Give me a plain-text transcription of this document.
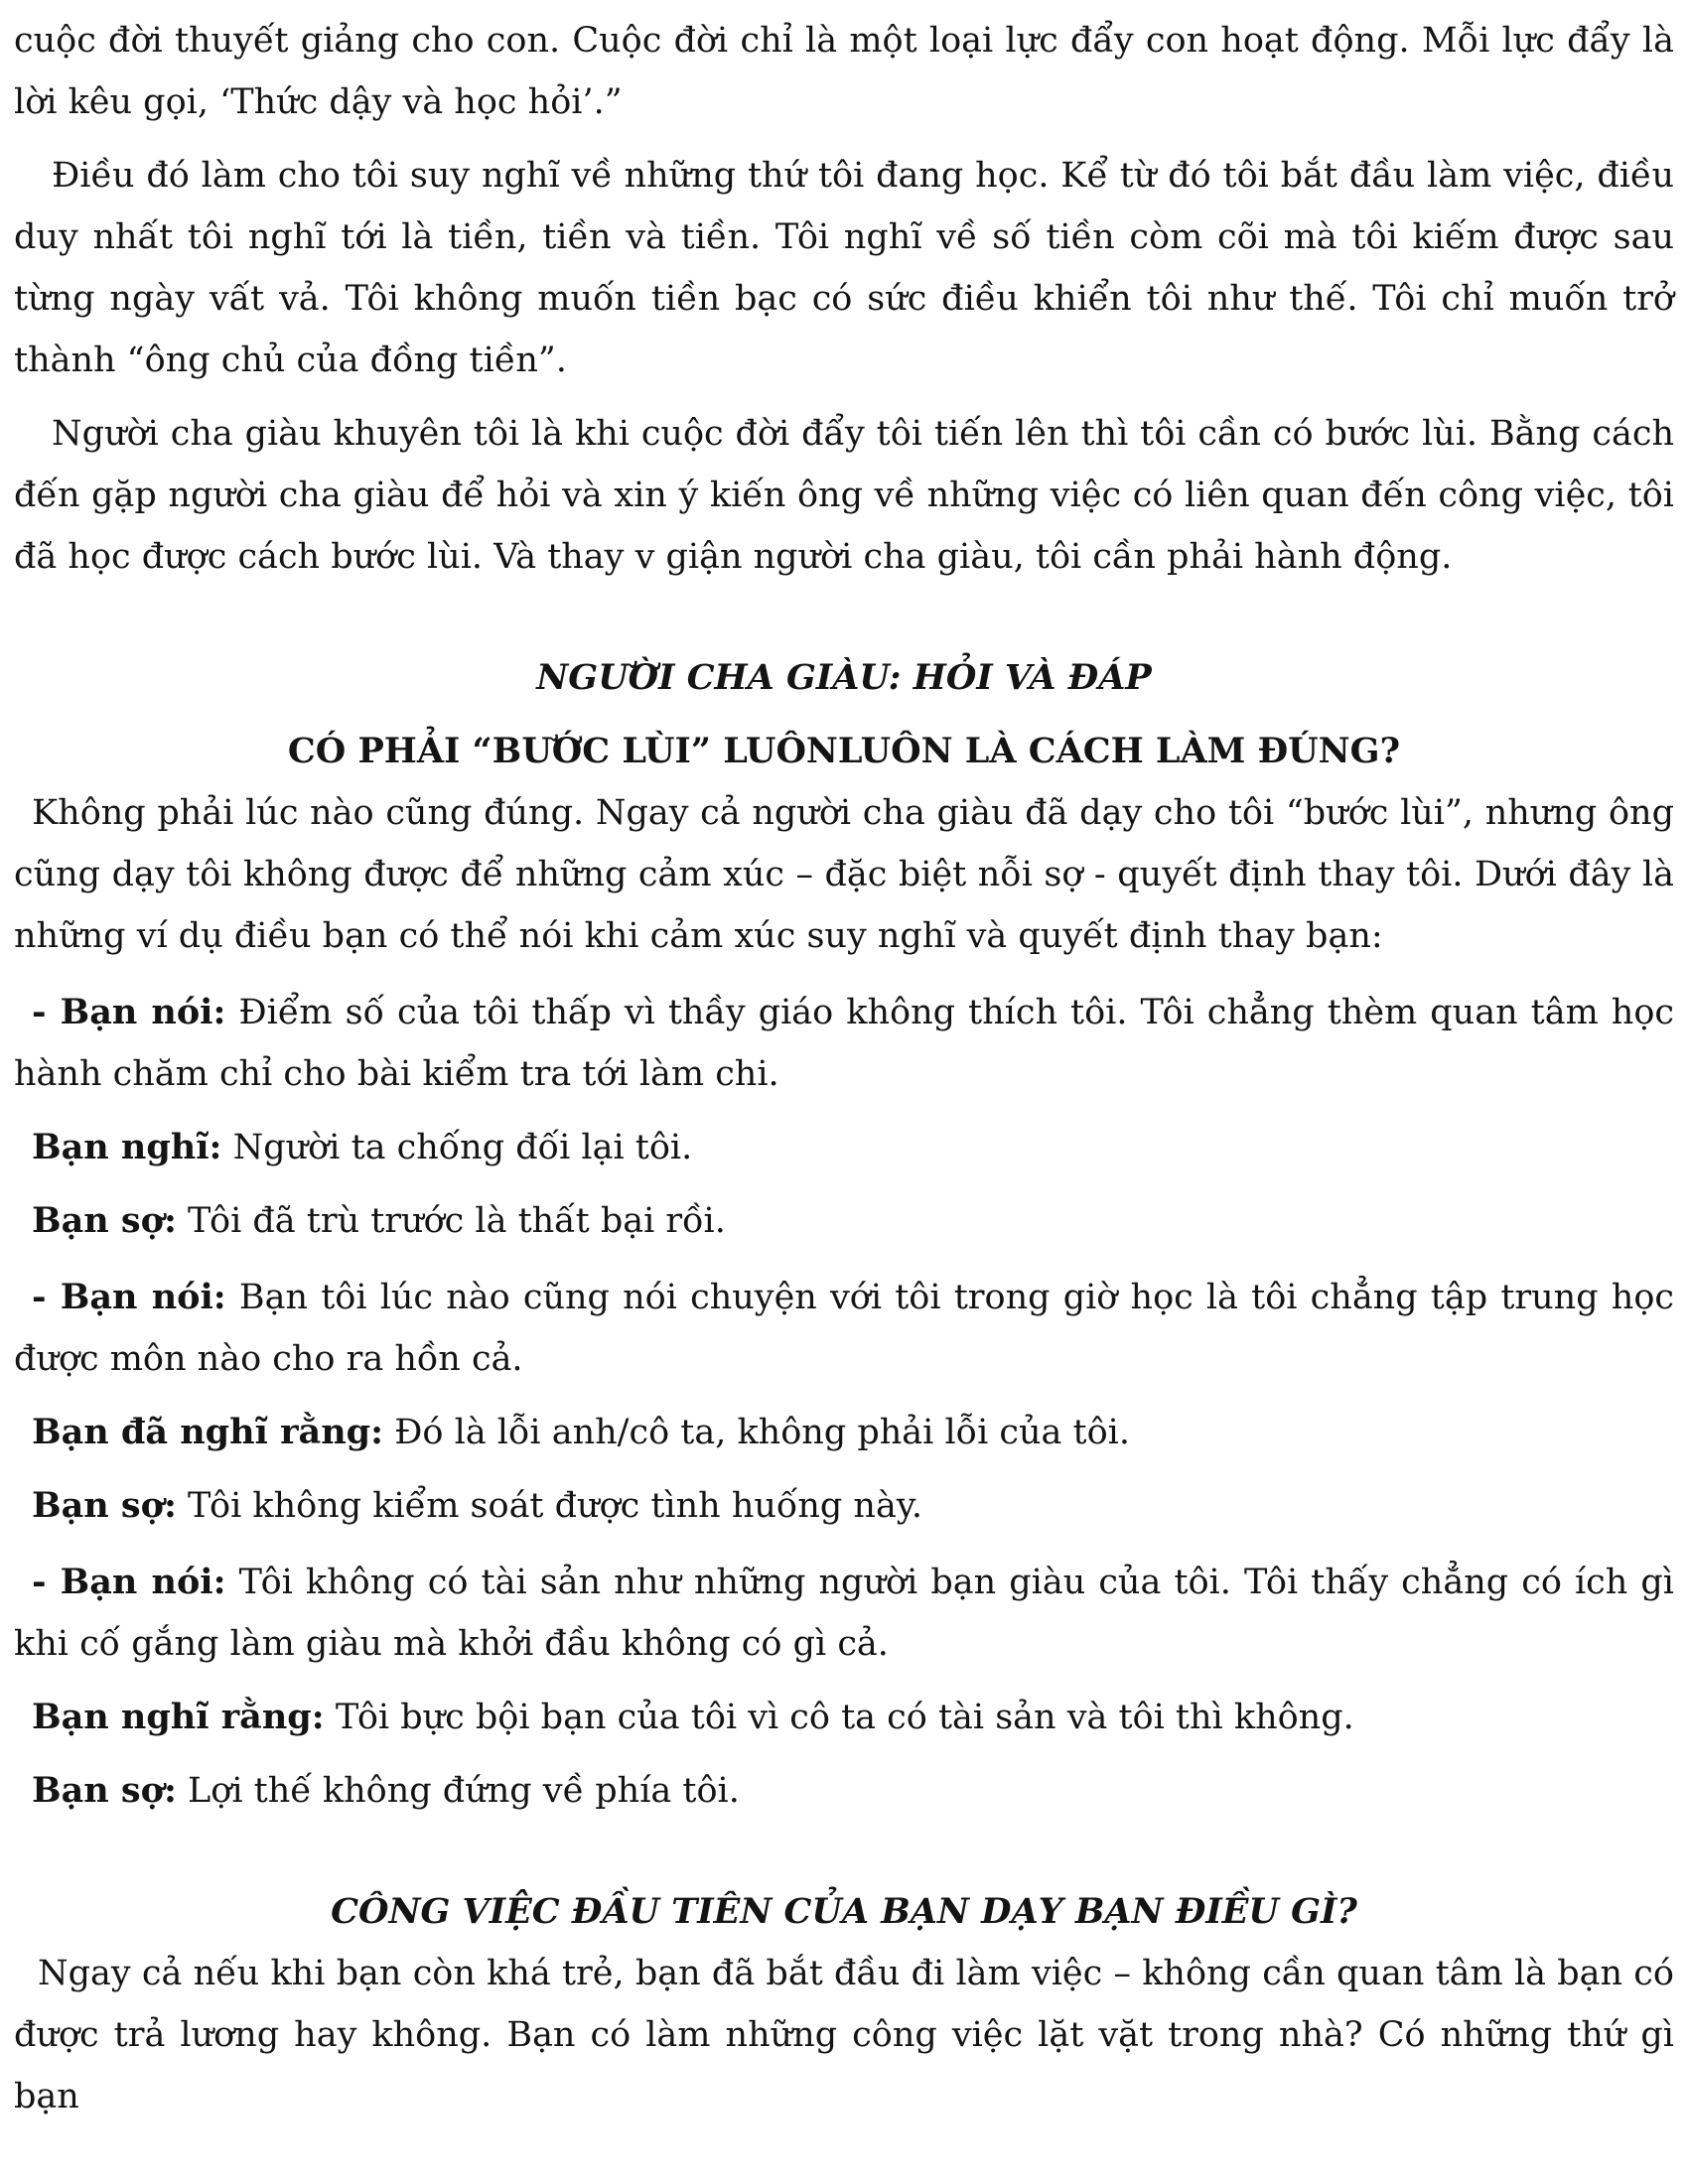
cuộc đời thuyết giảng cho con. Cuộc đời chỉ là một loại lực đẩy con hoạt động. Mỗi lực đẩy là lời kêu gọi, ‘Thức dậy và học hỏi’.”

Điều đó làm cho tôi suy nghĩ về những thứ tôi đang học. Kể từ đó tôi bắt đầu làm việc, điều duy nhất tôi nghĩ tới là tiền, tiền và tiền. Tôi nghĩ về số tiền còm cõi mà tôi kiếm được sau từng ngày vất vả. Tôi không muốn tiền bạc có sức điều khiển tôi như thế. Tôi chỉ muốn trở thành “ông chủ của đồng tiền”.

Người cha giàu khuyên tôi là khi cuộc đời đẩy tôi tiến lên thì tôi cần có bước lùi. Bằng cách đến gặp người cha giàu để hỏi và xin ý kiến ông về những việc có liên quan đến công việc, tôi đã học được cách bước lùi. Và thay v giận người cha giàu, tôi cần phải hành động.

NGƯỜI CHA GIÀU: HỎI VÀ ĐÁP
CÓ PHẢI “BƯỚC LÙI” LUÔNLUÔN LÀ CÁCH LÀM ĐÚNG?

Không phải lúc nào cũng đúng. Ngay cả người cha giàu đã dạy cho tôi “bước lùi”, nhưng ông cũng dạy tôi không được để những cảm xúc – đặc biệt nỗi sợ - quyết định thay tôi. Dưới đây là những ví dụ điều bạn có thể nói khi cảm xúc suy nghĩ và quyết định thay bạn:

- Bạn nói: Điểm số của tôi thấp vì thầy giáo không thích tôi. Tôi chẳng thèm quan tâm học hành chăm chỉ cho bài kiểm tra tới làm chi.

Bạn nghĩ: Người ta chống đối lại tôi.

Bạn sợ: Tôi đã trù trước là thất bại rồi.

- Bạn nói: Bạn tôi lúc nào cũng nói chuyện với tôi trong giờ học là tôi chẳng tập trung học được môn nào cho ra hồn cả.

Bạn đã nghĩ rằng: Đó là lỗi anh/cô ta, không phải lỗi của tôi.

Bạn sợ: Tôi không kiểm soát được tình huống này.

- Bạn nói: Tôi không có tài sản như những người bạn giàu của tôi. Tôi thấy chẳng có ích gì khi cố gắng làm giàu mà khởi đầu không có gì cả.

Bạn nghĩ rằng: Tôi bực bội bạn của tôi vì cô ta có tài sản và tôi thì không.

Bạn sợ: Lợi thế không đứng về phía tôi.

CÔNG VIỆC ĐẦU TIÊN CỦA BẠN DẠY BẠN ĐIỀU GÌ?

Ngay cả nếu khi bạn còn khá trẻ, bạn đã bắt đầu đi làm việc – không cần quan tâm là bạn có được trả lương hay không. Bạn có làm những công việc lặt vặt trong nhà? Có những thứ gì bạn
